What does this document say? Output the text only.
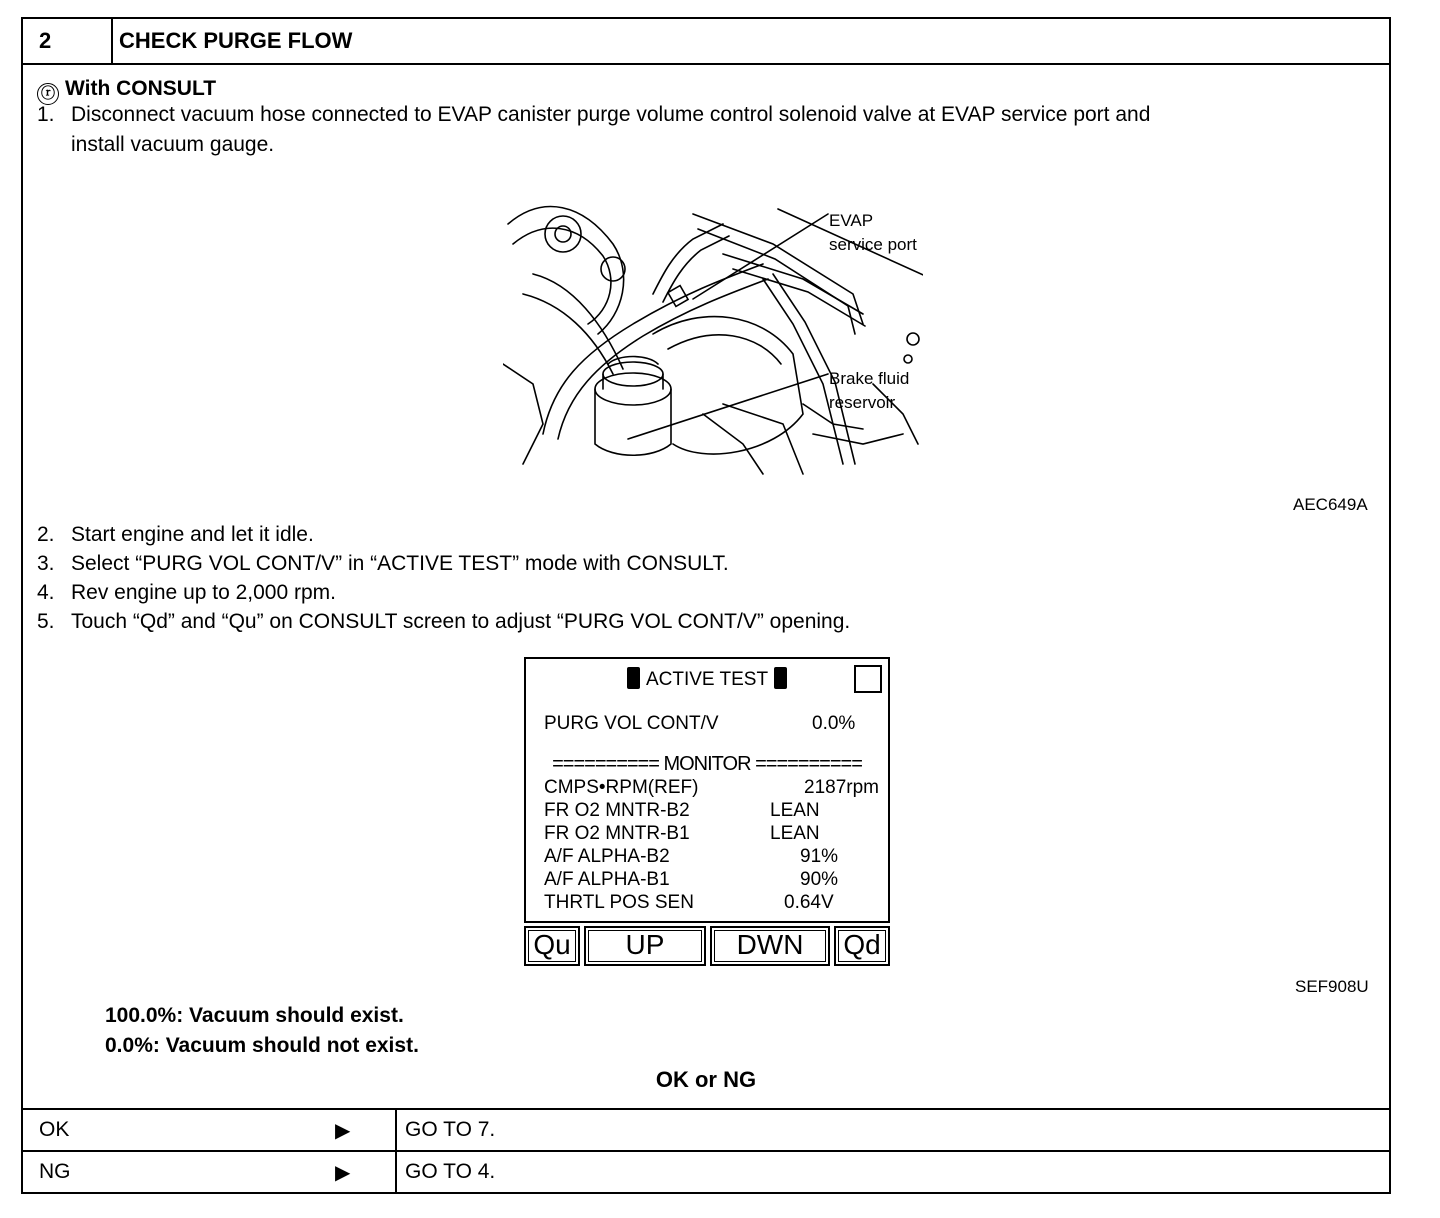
2	CHECK PURGE FLOW
ⓡ With CONSULT
1. Disconnect vacuum hose connected to EVAP canister purge volume control solenoid valve at EVAP service port and
install vacuum gauge.
EVAP
service port
Brake fluid
reservoir
AEC649A
2. Start engine and let it idle.
3. Select “PURG VOL CONT/V” in “ACTIVE TEST” mode with CONSULT.
4. Rev engine up to 2,000 rpm.
5. Touch “Qd” and “Qu” on CONSULT screen to adjust “PURG VOL CONT/V” opening.
ACTIVE TEST
PURG VOL CONT/V	0.0%
========== MONITOR ==========
CMPS•RPM(REF)	2187rpm
FR O2 MNTR-B2	LEAN
FR O2 MNTR-B1	LEAN
A/F ALPHA-B2	91%
A/F ALPHA-B1	90%
THRTL POS SEN	0.64V
Qu	UP	DWN	Qd
SEF908U
100.0%: Vacuum should exist.
0.0%: Vacuum should not exist.
OK or NG
OK	▶	GO TO 7.
NG	▶	GO TO 4.
